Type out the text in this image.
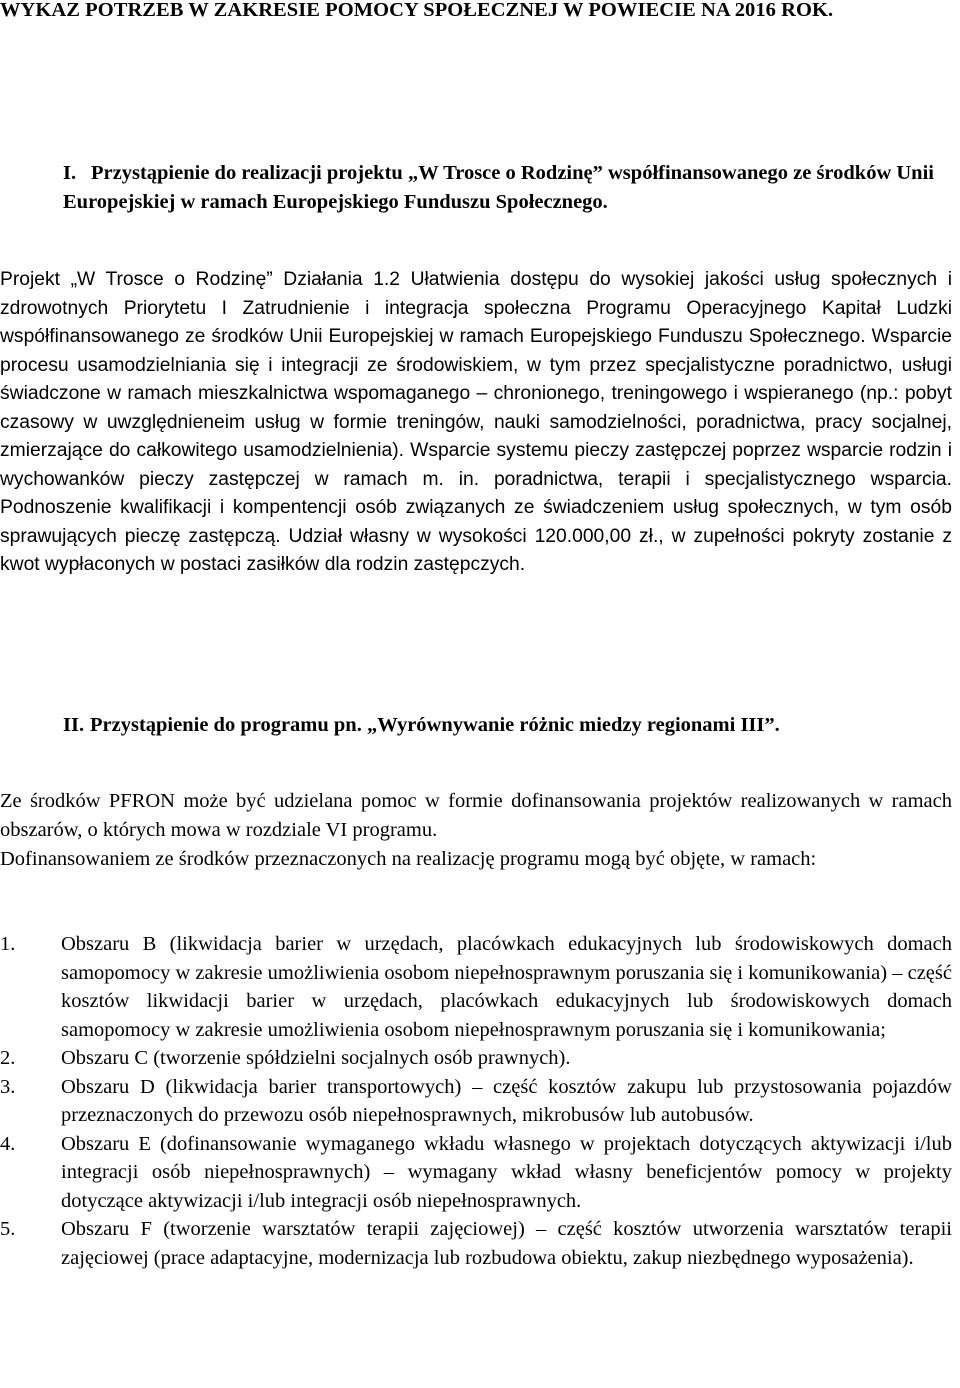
WYKAZ POTRZEB W ZAKRESIE POMOCY SPOŁECZNEJ W POWIECIE NA 2016 ROK.
I. Przystąpienie do realizacji projektu „W Trosce o Rodzinę” współfinansowanego ze środków Unii Europejskiej w ramach Europejskiego Funduszu Społecznego.
Projekt „W Trosce o Rodzinę” Działania 1.2 Ułatwienia dostępu do wysokiej jakości usług społecznych i zdrowotnych Priorytetu I Zatrudnienie i integracja społeczna Programu Operacyjnego Kapitał Ludzki współfinansowanego ze środków Unii Europejskiej w ramach Europejskiego Funduszu Społecznego. Wsparcie procesu usamodzielniania się i integracji ze środowiskiem, w tym przez specjalistyczne poradnictwo, usługi świadczone w ramach mieszkalnictwa wspomaganego – chronionego, treningowego i wspieranego (np.: pobyt czasowy w uwzględnieneim usług w formie treningów, nauki samodzielności, poradnictwa, pracy socjalnej, zmierzające do całkowitego usamodzielnienia). Wsparcie systemu pieczy zastępczej poprzez wsparcie rodzin i wychowanków pieczy zastępczej w ramach m. in. poradnictwa, terapii i specjalistycznego wsparcia. Podnoszenie kwalifikacji i kompentencji osób związanych ze świadczeniem usług społecznych, w tym osób sprawujących pieczę zastępczą. Udział własny w wysokości 120.000,00 zł., w zupełności pokryty zostanie z kwot wypłaconych w postaci zasiłków dla rodzin zastępczych.
II. Przystąpienie do programu pn. „Wyrównywanie różnic miedzy regionami III”.
Ze środków PFRON może być udzielana pomoc w formie dofinansowania projektów realizowanych w ramach obszarów, o których mowa w rozdziale VI programu.
Dofinansowaniem ze środków przeznaczonych na realizację programu mogą być objęte, w ramach:
1. Obszaru B (likwidacja barier w urzędach, placówkach edukacyjnych lub środowiskowych domach samopomocy w zakresie umożliwienia osobom niepełnosprawnym poruszania się i komunikowania) – część kosztów likwidacji barier w urzędach, placówkach edukacyjnych lub środowiskowych domach samopomocy w zakresie umożliwienia osobom niepełnosprawnym poruszania się i komunikowania;
2. Obszaru C (tworzenie spółdzielni socjalnych osób prawnych).
3. Obszaru D (likwidacja barier transportowych) – część kosztów zakupu lub przystosowania pojazdów przeznaczonych do przewozu osób niepełnosprawnych, mikrobusów lub autobusów.
4. Obszaru E (dofinansowanie wymaganego wkładu własnego w projektach dotyczących aktywizacji i/lub integracji osób niepełnosprawnych) – wymagany wkład własny beneficjentów pomocy w projekty dotyczące aktywizacji i/lub integracji osób niepełnosprawnych.
5. Obszaru F (tworzenie warsztatów terapii zajęciowej) – część kosztów utworzenia warsztatów terapii zajęciowej (prace adaptacyjne, modernizacja lub rozbudowa obiektu, zakup niezbędnego wyposażenia).
